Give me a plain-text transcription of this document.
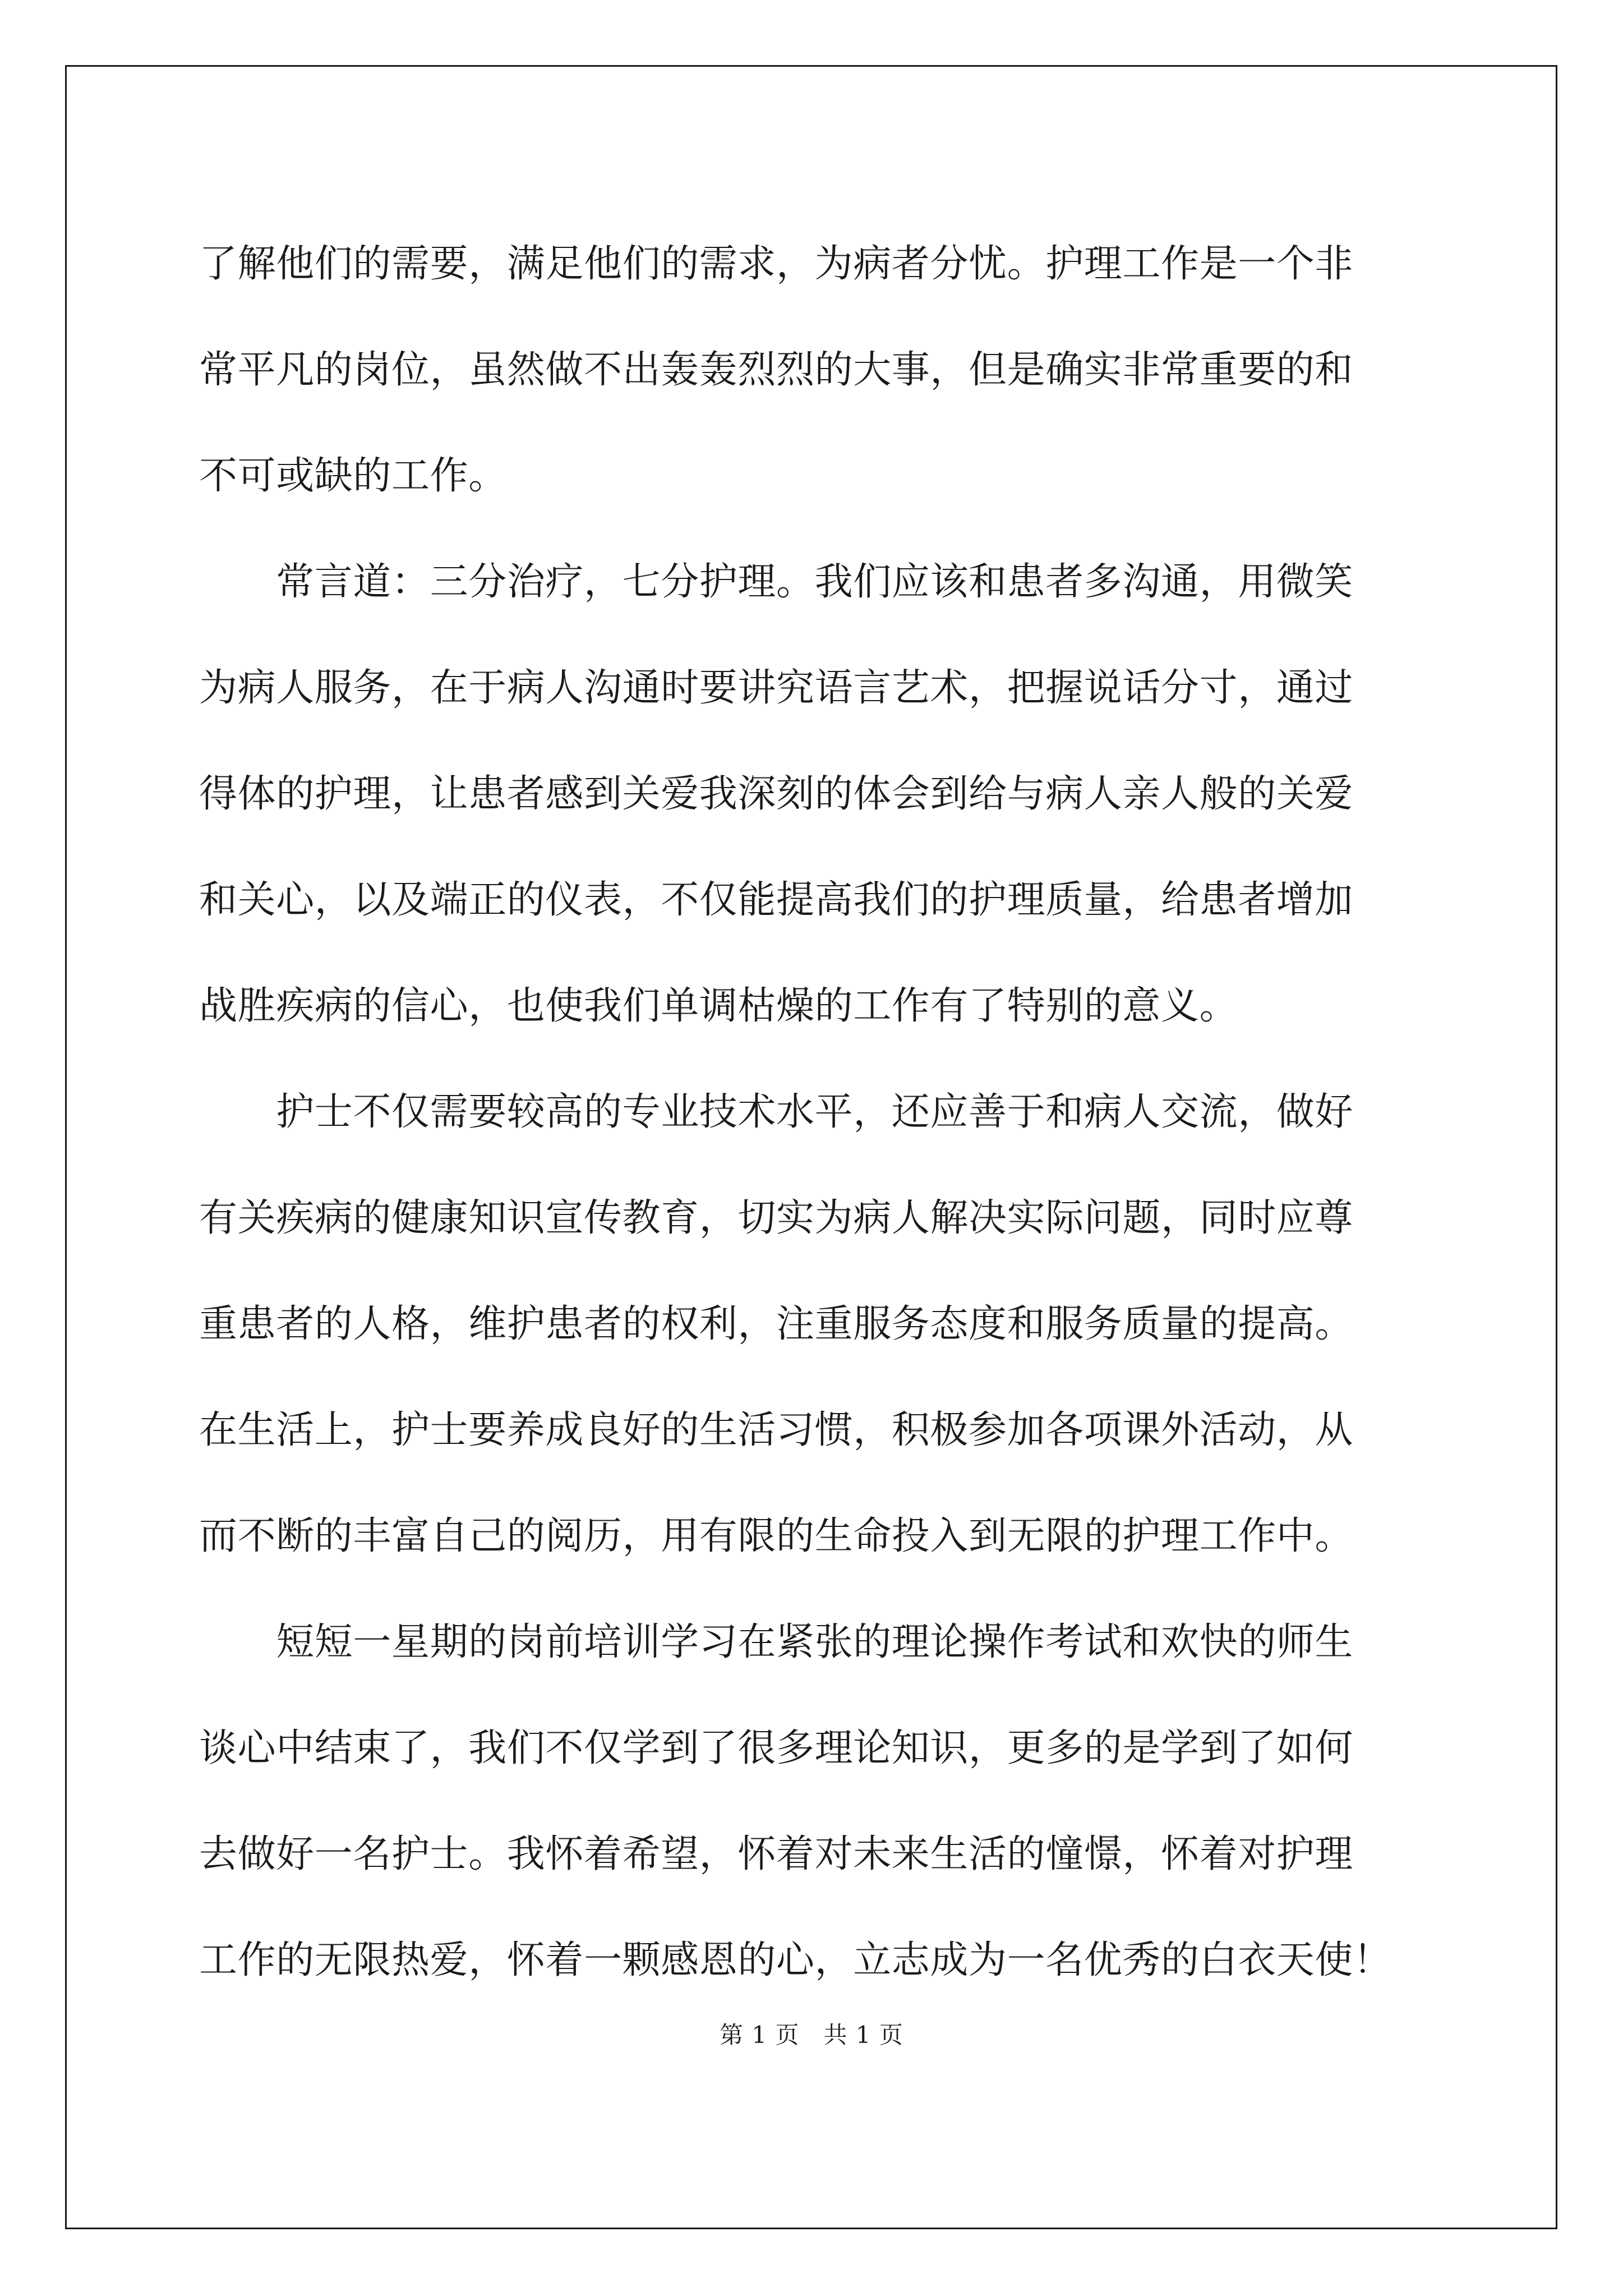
了解他们的需要，满足他们的需求，为病者分忧。护理工作是一个非
常平凡的岗位，虽然做不出轰轰烈烈的大事，但是确实非常重要的和
不可或缺的工作。
　　常言道：三分治疗，七分护理。我们应该和患者多沟通，用微笑
为病人服务，在于病人沟通时要讲究语言艺术，把握说话分寸，通过
得体的护理，让患者感到关爱我深刻的体会到给与病人亲人般的关爱
和关心，以及端正的仪表，不仅能提高我们的护理质量，给患者增加
战胜疾病的信心，也使我们单调枯燥的工作有了特别的意义。
　　护士不仅需要较高的专业技术水平，还应善于和病人交流，做好
有关疾病的健康知识宣传教育，切实为病人解决实际问题，同时应尊
重患者的人格，维护患者的权利，注重服务态度和服务质量的提高。
在生活上，护士要养成良好的生活习惯，积极参加各项课外活动，从
而不断的丰富自己的阅历，用有限的生命投入到无限的护理工作中。
　　短短一星期的岗前培训学习在紧张的理论操作考试和欢快的师生
谈心中结束了，我们不仅学到了很多理论知识，更多的是学到了如何
去做好一名护士。我怀着希望，怀着对未来生活的憧憬，怀着对护理
工作的无限热爱，怀着一颗感恩的心，立志成为一名优秀的白衣天使！
第 1 页　共 1 页
